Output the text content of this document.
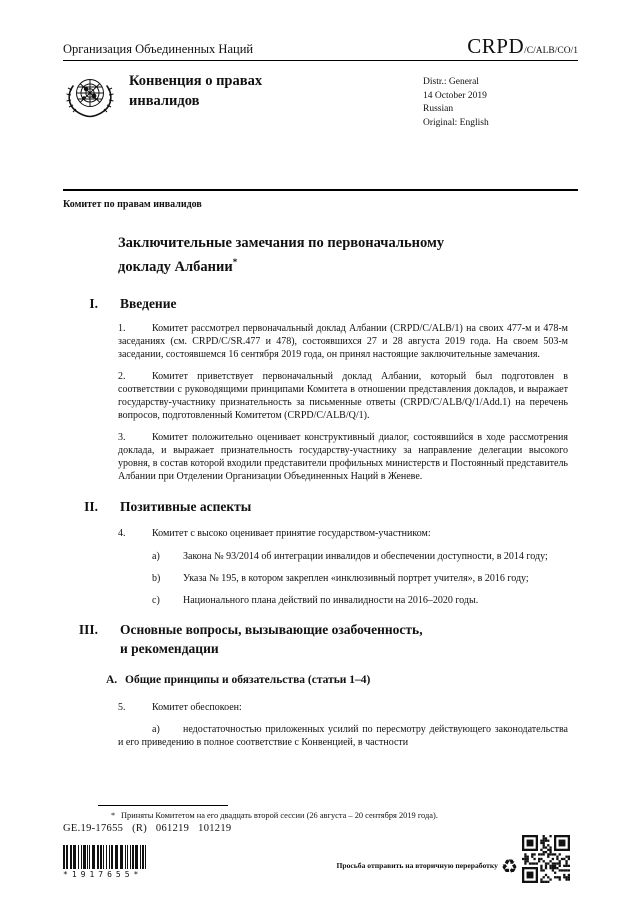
Организация Объединенных Наций	CRPD/C/ALB/CO/1
Конвенция о правах
инвалидов
Distr.: General
14 October 2019
Russian
Original: English
Комитет по правам инвалидов
Заключительные замечания по первоначальному
докладу Албании*
I. Введение

1.	Комитет рассмотрел первоначальный доклад Албании (CRPD/C/ALB/1) на своих 477-м и 478-м заседаниях (см. CRPD/C/SR.477 и 478), состоявшихся 27 и 28 августа 2019 года. На своем 503-м заседании, состоявшемся 16 сентября 2019 года, он принял настоящие заключительные замечания.

2.	Комитет приветствует первоначальный доклад Албании, который был подготовлен в соответствии с руководящими принципами Комитета в отношении представления докладов, и выражает государству-участнику признательность за письменные ответы (CRPD/C/ALB/Q/1/Add.1) на перечень вопросов, подготовленный Комитетом (CRPD/C/ALB/Q/1).

3.	Комитет положительно оценивает конструктивный диалог, состоявшийся в ходе рассмотрения доклада, и выражает признательность государству-участнику за направление делегации высокого уровня, в состав которой входили представители профильных министерств и Постоянный представитель Албании при Отделении Организации Объединенных Наций в Женеве.

II. Позитивные аспекты

4.	Комитет с высоко оценивает принятие государством-участником:

a) Закона № 93/2014 об интеграции инвалидов и обеспечении доступности, в 2014 году;

b) Указа № 195, в котором закреплен «инклюзивный портрет учителя», в 2016 году;

c) Национального плана действий по инвалидности на 2016–2020 годы.

III. Основные вопросы, вызывающие озабоченность,
и рекомендации
A. Общие принципы и обязательства (статьи 1–4)

5.	Комитет обеспокоен:

a) недостаточностью приложенных усилий по пересмотру действующего законодательства и его приведению в полное соответствие с Конвенцией, в частности

* Приняты Комитетом на его двадцать второй сессии (26 августа – 20 сентября 2019 года).
GE.19-17655 (R) 061219 101219
*1917655*
Просьба отправить на вторичную переработку ♻
